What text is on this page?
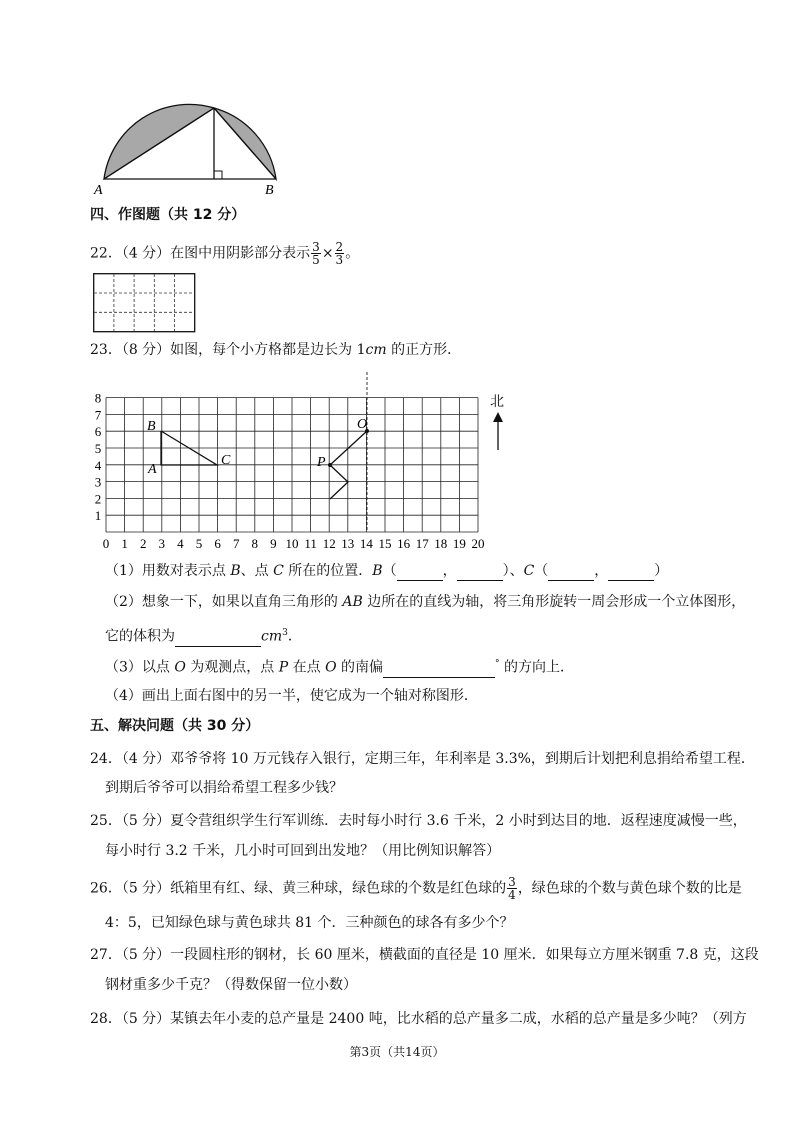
A	B
四、作图题（共 12 分）
22．（4 分）在图中用阴影部分表示 $\frac{3}{5} \times \frac{2}{3}$ 。
23．（8 分）如图，每个小方格都是边长为 1cm 的正方形．
0 1 2 3 4 5 6 7 8 9 10 11 12 13 14 15 16 17 18 19 20
1
2
3
4
5
6
7
8
B
A
C
O
P
北
（1）用数对表示点 B、点 C 所在的位置．B（	，	）、C（	，	）
（2）想象一下，如果以直角三角形的 AB 边所在的直线为轴，将三角形旋转一周会形成一个立体图形，
它的体积为	$cm^3$．
（3）以点 O 为观测点，点 P 在点 O 的南偏	° 的方向上．
（4）画出上面右图中的另一半，使它成为一个轴对称图形．
五、解决问题（共 30 分）
24．（4 分）邓爷爷将 10 万元钱存入银行，定期三年，年利率是 3.3%，到期后计划把利息捐给希望工程．
到期后爷爷可以捐给希望工程多少钱？
25．（5 分）夏令营组织学生行军训练．去时每小时行 3.6 千米，2 小时到达目的地．返程速度减慢一些，
每小时行 3.2 千米，几小时可回到出发地？（用比例知识解答）
26．（5 分）纸箱里有红、绿、黄三种球，绿色球的个数是红色球的 $\frac{3}{4}$ ，绿色球的个数与黄色球个数的比是
4：5，已知绿色球与黄色球共 81 个．三种颜色的球各有多少个？
27．（5 分）一段圆柱形的钢材，长 60 厘米，横截面的直径是 10 厘米．如果每立方厘米钢重 7.8 克，这段
钢材重多少千克？（得数保留一位小数）
28．（5 分）某镇去年小麦的总产量是 2400 吨，比水稻的总产量多二成，水稻的总产量是多少吨？（列方
第3页（共14页）
